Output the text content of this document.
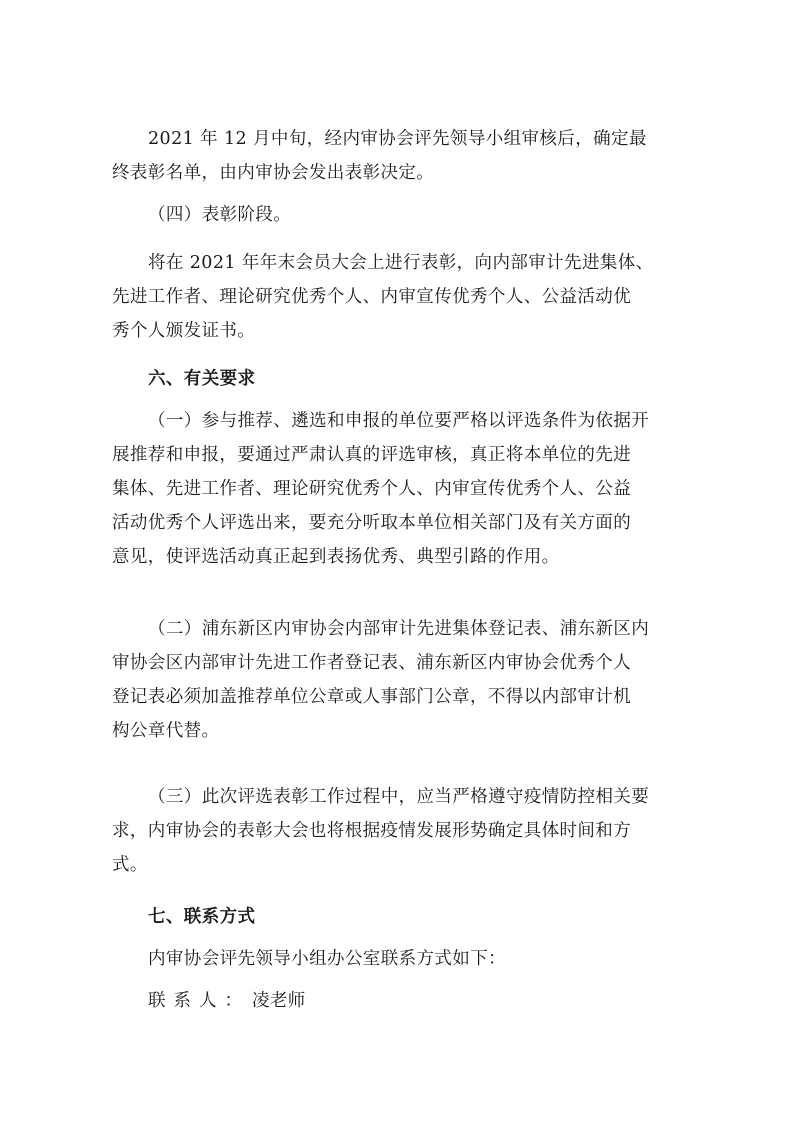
2021 年 12 月中旬，经内审协会评先领导小组审核后，确定最
终表彰名单，由内审协会发出表彰决定。
（四）表彰阶段。
将在 2021 年年末会员大会上进行表彰，向内部审计先进集体、
先进工作者、理论研究优秀个人、内审宣传优秀个人、公益活动优
秀个人颁发证书。
六、有关要求
（一）参与推荐、遴选和申报的单位要严格以评选条件为依据开
展推荐和申报，要通过严肃认真的评选审核，真正将本单位的先进
集体、先进工作者、理论研究优秀个人、内审宣传优秀个人、公益
活动优秀个人评选出来，要充分听取本单位相关部门及有关方面的
意见，使评选活动真正起到表扬优秀、典型引路的作用。
（二）浦东新区内审协会内部审计先进集体登记表、浦东新区内
审协会区内部审计先进工作者登记表、浦东新区内审协会优秀个人
登记表必须加盖推荐单位公章或人事部门公章，不得以内部审计机
构公章代替。
（三）此次评选表彰工作过程中，应当严格遵守疫情防控相关要
求，内审协会的表彰大会也将根据疫情发展形势确定具体时间和方
式。
七、联系方式
内审协会评先领导小组办公室联系方式如下：
联系人： 凌老师
